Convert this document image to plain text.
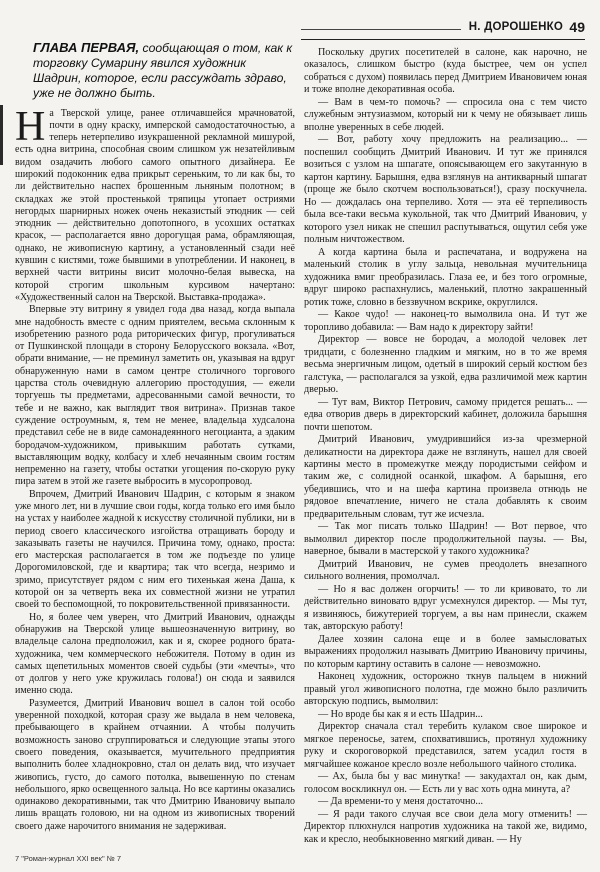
Н. ДОРОШЕНКО 49
ГЛАВА ПЕРВАЯ, сообщающая о том, как к торговку Сумарину явился художник Шадрин, которое, если рассуждать здраво, уже не должно быть.

На Тверской улице, ранее отличавшейся мрачноватой, почти в одну краску, имперской самодостаточностью, а теперь нетерпеливо изукрашенной рекламной мишурой, есть одна витрина, способная своим слишком уж незатейливым видом озадачить любого самого опытного дизайнера. Ее широкий подоконник едва прикрыт сереньким, то ли как бы, то ли действительно наспех брошенным льняным полотном; в складках же этой простенькой тряпицы утопает остриями негордых шарнирных ножек очень неказистый этюдник — сей этюдник — действительно допотопного, в усохших остатках красок, — располагается явно дорогущая рама, обрамляющая, однако, не живописную картину, а установленный сзади неё кувшин с кистями, тоже бывшими в употреблении. И наконец, в верхней части витрины висит молочно-белая вывеска, на которой строгим школьным курсивом начертано: «Художественный салон на Тверской. Выставка-продажа».

Впервые эту витрину я увидел года два назад, когда выпала мне надобность вместе с одним приятелем, весьма склонным к изобретению разного рода риторических фигур, прогуливаться от Пушкинской площади в сторону Белорусского вокзала. «Вот, обрати внимание, — не преминул заметить он, указывая на вдруг обнаруженную нами в самом центре столичного торгового царства столь очевидную аллегорию простодушия, — ежели торгуешь ты предметами, адресованными самой вечности, то тебе и не важно, как выглядит твоя витрина». Признав такое суждение остроумным, я, тем не менее, владельца худсалона представил себе не в виде самонадеянного негоцианта, а эдаким бородачом-художником, привыкшим работать сутками, выставляющим водку, колбасу и хлеб нечаянным своим гостям непременно на газету, чтобы остатки угощения по-скорую руку пира затем в этой же газете выбросить в мусоропровод.

Впрочем, Дмитрий Иванович Шадрин, с которым я знаком уже много лет, ни в лучшие свои годы, когда только его имя было на устах у наиболее жадной к искусству столичной публики, ни в период своего классического изгойства отращивать бороду и заказывать газеты не научился. Причина тому, однако, проста: его мастерская располагается в том же подъезде по улице Дорогомиловской, где и квартира; так что всегда, незримо и зримо, присутствует рядом с ним его тихенькая жена Даша, к которой он за четверть века их совместной жизни не утратил своей то беспомощной, то покровительственной привязанности.

Но, я более чем уверен, что Дмитрий Иванович, однажды обнаружив на Тверской улице вышеозначенную витрину, во владельце салона предположил, как и я, скорее родного брата-художника, чем коммерческого небожителя. Потому в один из самых щепетильных моментов своей судьбы (эти «мечты», что от долгов у него уже кружилась голова!) он сюда и заявился именно сюда.

Разумеется, Дмитрий Иванович вошел в салон той особо уверенной походкой, которая сразу же выдала в нем человека, пребывающего в крайнем отчаянии. А чтобы получить возможность заново сгруппироваться и следующие этапы этого своего поведения, оказывается, мучительного предприятия выполнить более хладнокровно, стал он делать вид, что изучает живопись, густо, до самого потолка, вывешенную по стенам небольшого, ярко освещенного зальца. Но все картины оказались одинаково декоративными, так что Дмитрию Ивановичу выпало лишь вращать головою, ни на одном из живописных творений своего даже нарочитого внимания не задерживая.

Поскольку других посетителей в салоне, как нарочно, не оказалось, слишком быстро (куда быстрее, чем он успел собраться с духом) появилась перед Дмитрием Ивановичем юная и тоже вполне декоративная особа.

— Вам в чем-то помочь? — спросила она с тем чисто служебным энтузиазмом, который ни к чему не обязывает лишь вполне уверенных в себе людей.

— Вот, работу хочу предложить на реализацию... — поспешил сообщить Дмитрий Иванович. И тут же принялся возиться с узлом на шпагате, опоясывающем его закутанную в картон картину. Барышня, едва взглянув на антикварный шпагат (проще же было скотчем воспользоваться!), сразу поскучнела. Но — дождалась она терпеливо. Хотя — эта её терпеливость была все-таки весьма кукольной, так что Дмитрий Иванович, у которого узел никак не спешил распутываться, ощутил себя уже полным ничтожеством.

А когда картина была и распечатана, и водружена на маленький столик в углу зальца, невольная мучительница художника вмиг преобразилась. Глаза ее, и без того огромные, вдруг широко распахнулись, маленький, плотно закрашенный ротик тоже, словно в беззвучном вскрике, округлился.

— Какое чудо! — наконец-то вымолвила она. И тут же торопливо добавила: — Вам надо к директору зайти!

Директор — вовсе не бородач, а молодой человек лет тридцати, с болезненно гладким и мягким, но в то же время весьма энергичным лицом, одетый в широкий серый костюм без галстука, — располагался за узкой, едва различимой меж картин дверью.

— Тут вам, Виктор Петрович, самому придется решать... — едва отворив дверь в директорский кабинет, доложила барышня почти шепотом.

Дмитрий Иванович, умудрившийся из-за чрезмерной деликатности на директора даже не взглянуть, нашел для своей картины место в промежутке между породистыми сейфом и таким же, с солидной осанкой, шкафом. А барышня, его убедившись, что и на шефа картина произвела отнюдь не рядовое впечатление, ничего не стала добавлять к своим предварительным словам, тут же исчезла.

— Так мог писать только Шадрин! — Вот первое, что вымолвил директор после продолжительной паузы. — Вы, наверное, бывали в мастерской у такого художника?

Дмитрий Иванович, не сумев преодолеть внезапного сильного волнения, промолчал.

— Но я вас должен огорчить! — то ли кривовато, то ли действительно виновато вдруг усмехнулся директор. — Мы тут, я извиняюсь, бижутерией торгуем, а вы нам принесли, скажем так, авторскую работу!

Далее хозяин салона еще и в более замысловатых выражениях продолжил называть Дмитрию Ивановичу причины, по которым картину оставить в салоне — невозможно.

Наконец художник, осторожно ткнув пальцем в нижний правый угол живописного полотна, где можно было различить авторскую подпись, вымолвил:

— Но вроде бы как я и есть Шадрин...

Директор сначала стал теребить кулаком свое широкое и мягкое переносье, затем, спохватившись, протянул художнику руку и скороговоркой представился, затем усадил гостя в мягчайшее кожаное кресло возле небольшого чайного столика.

— Ах, была бы у вас минутка! — закудахтал он, как дым, голосом воскликнул он. — Есть ли у вас хоть одна минута, а?

— Да времени-то у меня достаточно...

— Я ради такого случая все свои дела могу отменить! — Директор плюхнулся напротив художника на такой же, видимо, как и кресло, необыкновенно мягкий диван. — Ну

7 "Роман-журнал XXI век" № 7
